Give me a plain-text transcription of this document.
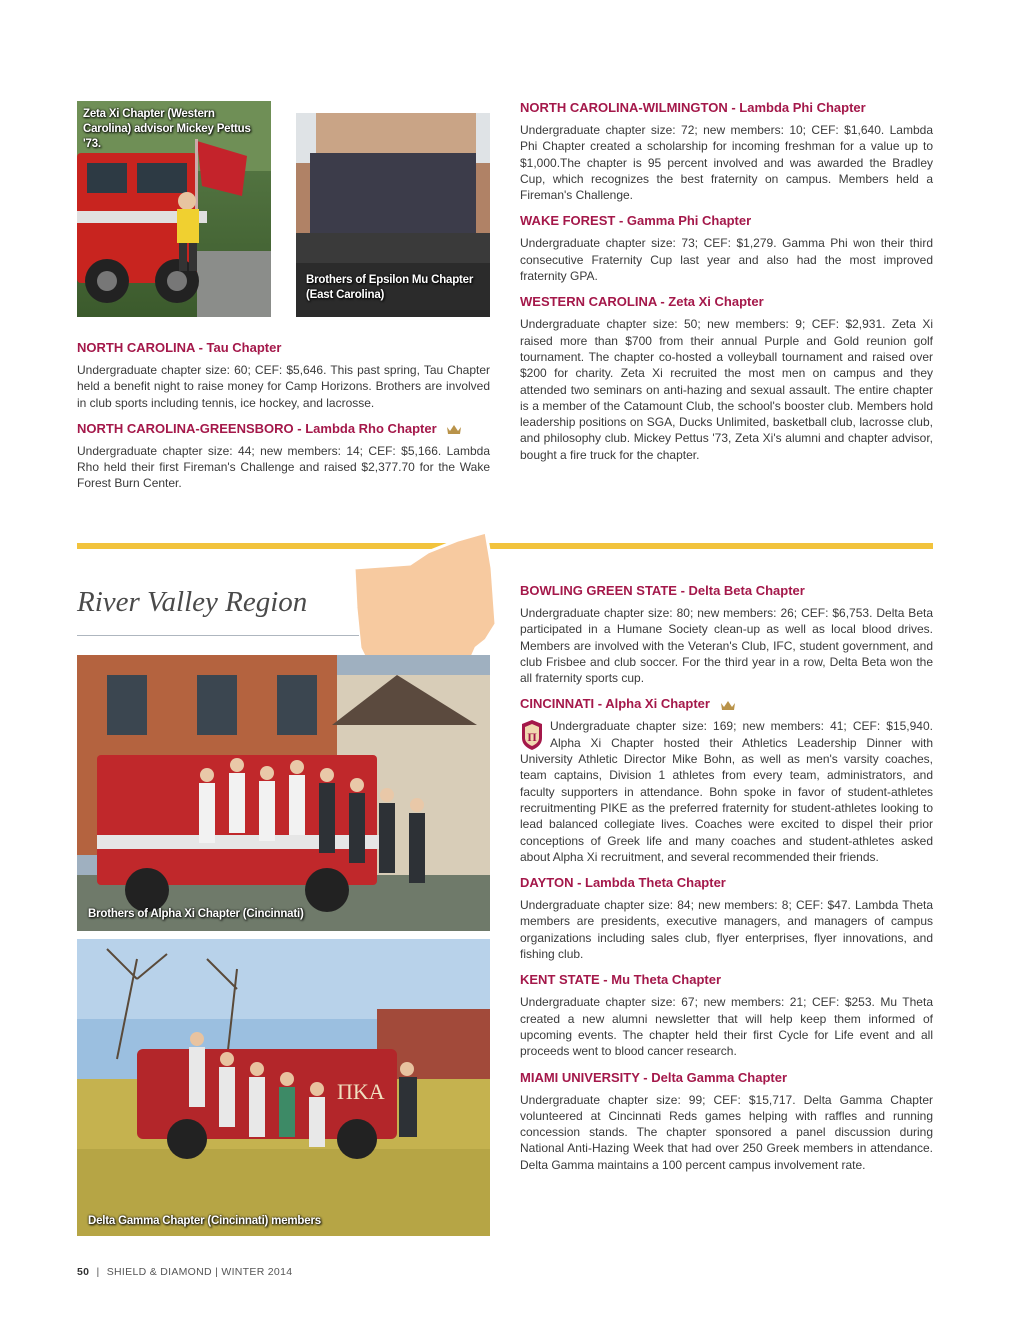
Zeta Xi Chapter (Western Carolina) advisor Mickey Pettus '73.
Brothers of Epsilon Mu Chapter (East Carolina)
NORTH CAROLINA - Tau Chapter

Undergraduate chapter size: 60; CEF: $5,646. This past spring, Tau Chapter held a benefit night to raise money for Camp Horizons. Brothers are involved in club sports including tennis, ice hockey, and lacrosse.

NORTH CAROLINA-GREENSBORO - Lambda Rho Chapter

Undergraduate chapter size: 44; new members: 14; CEF: $5,166. Lambda Rho held their first Fireman's Challenge and raised $2,377.70 for the Wake Forest Burn Center.

NORTH CAROLINA-WILMINGTON - Lambda Phi Chapter

Undergraduate chapter size: 72; new members: 10; CEF: $1,640. Lambda Phi Chapter created a scholarship for incoming freshman for a value up to $1,000.The chapter is 95 percent involved and was awarded the Bradley Cup, which recognizes the best fraternity on campus. Members held a Fireman's Challenge.

WAKE FOREST - Gamma Phi Chapter

Undergraduate chapter size: 73; CEF: $1,279. Gamma Phi won their third consecutive Fraternity Cup last year and also had the most improved fraternity GPA.

WESTERN CAROLINA - Zeta Xi Chapter

Undergraduate chapter size: 50; new members: 9; CEF: $2,931. Zeta Xi raised more than $700 from their annual Purple and Gold reunion golf tournament. The chapter co-hosted a volleyball tournament and raised over $200 for charity. Zeta Xi recruited the most men on campus and they attended two seminars on anti-hazing and sexual assault. The entire chapter is a member of the Catamount Club, the school's booster club. Members hold leadership positions on SGA, Ducks Unlimited, basketball club, lacrosse club, and philosophy club. Mickey Pettus '73, Zeta Xi's alumni and chapter advisor, bought a fire truck for the chapter.

River Valley Region	BOWLING GREEN STATE - Delta Beta Chapter

Undergraduate chapter size: 80; new members: 26; CEF: $6,753. Delta Beta participated in a Humane Society clean-up as well as local blood drives. Members are involved with the Veteran's Club, IFC, student government, and club Frisbee and club soccer. For the third year in a row, Delta Beta won the all fraternity sports cup.

CINCINNATI - Alpha Xi Chapter

Π
Undergraduate chapter size: 169; new members: 41; CEF: $15,940. Alpha Xi Chapter hosted their Athletics Leadership Dinner with University Athletic Director Mike Bohn, as well as men's varsity coaches, team captains, Division 1 athletes from every team, administrators, and faculty supporters in attendance. Bohn spoke in favor of student-athletes recruitmenting PIKE as the preferred fraternity for student-athletes looking to lead balanced collegiate lives. Coaches were excited to dispel their prior conceptions of Greek life and many coaches and student-athletes asked about Alpha Xi recruitment, and several recommended their friends.

DAYTON - Lambda Theta Chapter

Undergraduate chapter size: 84; new members: 8; CEF: $47. Lambda Theta members are presidents, executive managers, and managers of campus organizations including sales club, flyer enterprises, flyer innovations, and fishing club.

KENT STATE - Mu Theta Chapter

Undergraduate chapter size: 67; new members: 21; CEF: $253. Mu Theta created a new alumni newsletter that will help keep them informed of upcoming events. The chapter held their first Cycle for Life event and all proceeds went to blood cancer research.

MIAMI UNIVERSITY - Delta Gamma Chapter

Undergraduate chapter size: 99; CEF: $15,717. Delta Gamma Chapter volunteered at Cincinnati Reds games helping with raffles and running concession stands. The chapter sponsored a panel discussion during National Anti-Hazing Week that had over 250 Greek members in attendance. Delta Gamma maintains a 100 percent campus involvement rate.

Brothers of Alpha Xi Chapter (Cincinnati)
ΠΚΑ
Delta Gamma Chapter (Cincinnati) members
50 | SHIELD & DIAMOND | WINTER 2014
